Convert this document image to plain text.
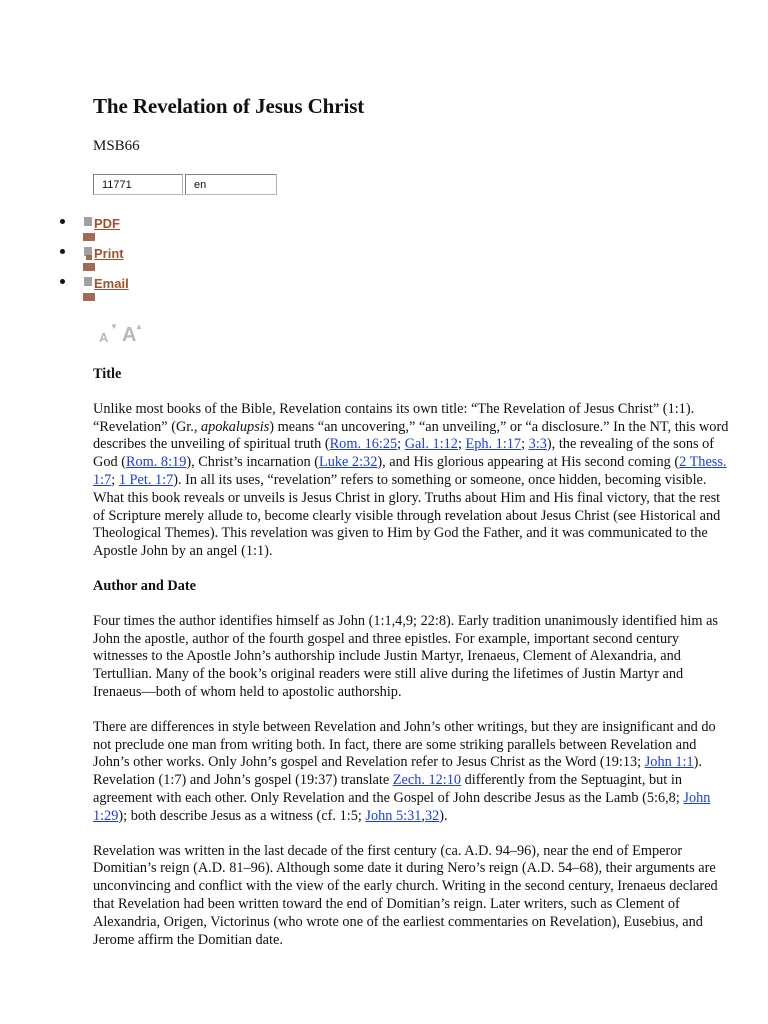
The Revelation of Jesus Christ

MSB66

11771
en
PDF
Print
Email
A
▼ A
▲
Title

Unlike most books of the Bible, Revelation contains its own title: “The Revelation of Jesus Christ” (1:1). “Revelation” (Gr., apokalupsis) means “an uncovering,” “an unveiling,” or “a disclosure.” In the NT, this word describes the unveiling of spiritual truth (Rom. 16:25; Gal. 1:12; Eph. 1:17; 3:3), the revealing of the sons of God (Rom. 8:19), Christ’s incarnation (Luke 2:32), and His glorious appearing at His second coming (2 Thess. 1:7; 1 Pet. 1:7). In all its uses, “revelation” refers to something or someone, once hidden, becoming visible. What this book reveals or unveils is Jesus Christ in glory. Truths about Him and His final victory, that the rest of Scripture merely allude to, become clearly visible through revelation about Jesus Christ (see Historical and Theological Themes). This revelation was given to Him by God the Father, and it was communicated to the Apostle John by an angel (1:1).

Author and Date

Four times the author identifies himself as John (1:1,4,9; 22:8). Early tradition unanimously identified him as John the apostle, author of the fourth gospel and three epistles. For example, important second century witnesses to the Apostle John’s authorship include Justin Martyr, Irenaeus, Clement of Alexandria, and Tertullian. Many of the book’s original readers were still alive during the lifetimes of Justin Martyr and Irenaeus—both of whom held to apostolic authorship.

There are differences in style between Revelation and John’s other writings, but they are insignificant and do not preclude one man from writing both. In fact, there are some striking parallels between Revelation and John’s other works. Only John’s gospel and Revelation refer to Jesus Christ as the Word (19:13; John 1:1). Revelation (1:7) and John’s gospel (19:37) translate Zech. 12:10 differently from the Septuagint, but in agreement with each other. Only Revelation and the Gospel of John describe Jesus as the Lamb (5:6,8; John 1:29); both describe Jesus as a witness (cf. 1:5; John 5:31,32).

Revelation was written in the last decade of the first century (ca. A.D. 94–96), near the end of Emperor Domitian’s reign (A.D. 81–96). Although some date it during Nero’s reign (A.D. 54–68), their arguments are unconvincing and conflict with the view of the early church. Writing in the second century, Irenaeus declared that Revelation had been written toward the end of Domitian’s reign. Later writers, such as Clement of Alexandria, Origen, Victorinus (who wrote one of the earliest commentaries on Revelation), Eusebius, and Jerome affirm the Domitian date.
